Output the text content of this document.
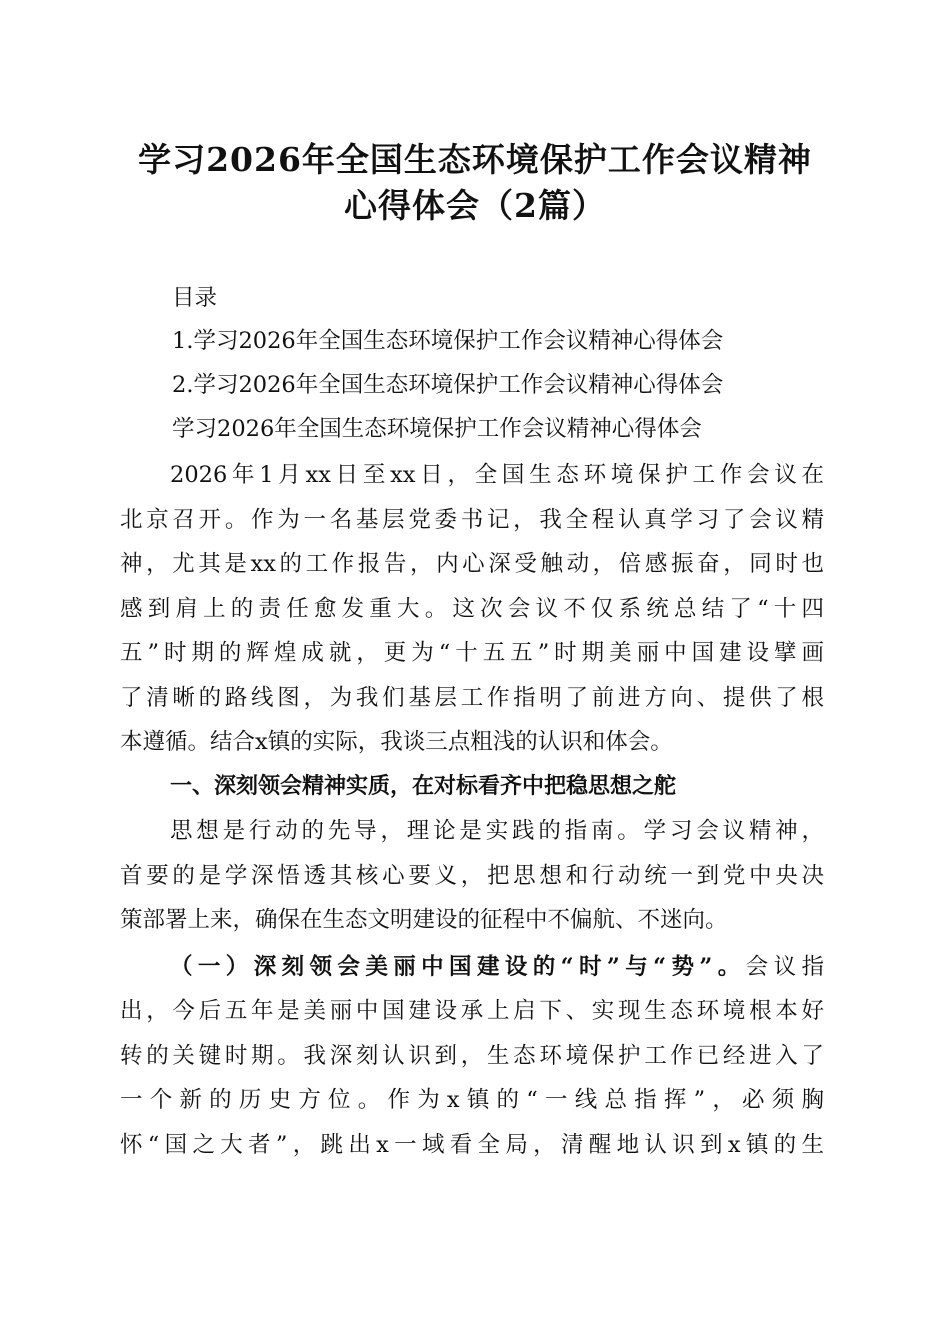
学习2026年全国生态环境保护工作会议精神
心得体会（2篇）

目录

1.学习2026年全国生态环境保护工作会议精神心得体会

2.学习2026年全国生态环境保护工作会议精神心得体会

学习2026年全国生态环境保护工作会议精神心得体会

2026年1月xx日至xx日，全国生态环境保护工作会议在

北京召开。作为一名基层党委书记，我全程认真学习了会议精

神，尤其是xx的工作报告，内心深受触动，倍感振奋，同时也

感到肩上的责任愈发重大。这次会议不仅系统总结了“十四

五”时期的辉煌成就，更为“十五五”时期美丽中国建设擘画

了清晰的路线图，为我们基层工作指明了前进方向、提供了根

本遵循。结合x镇的实际，我谈三点粗浅的认识和体会。

一、深刻领会精神实质，在对标看齐中把稳思想之舵

思想是行动的先导，理论是实践的指南。学习会议精神，

首要的是学深悟透其核心要义，把思想和行动统一到党中央决

策部署上来，确保在生态文明建设的征程中不偏航、不迷向。

（一）深刻领会美丽中国建设的“时”与“势”。会议指

出，今后五年是美丽中国建设承上启下、实现生态环境根本好

转的关键时期。我深刻认识到，生态环境保护工作已经进入了

一个新的历史方位。作为x镇的“一线总指挥”，必须胸

怀“国之大者”，跳出x一域看全局，清醒地认识到x镇的生
